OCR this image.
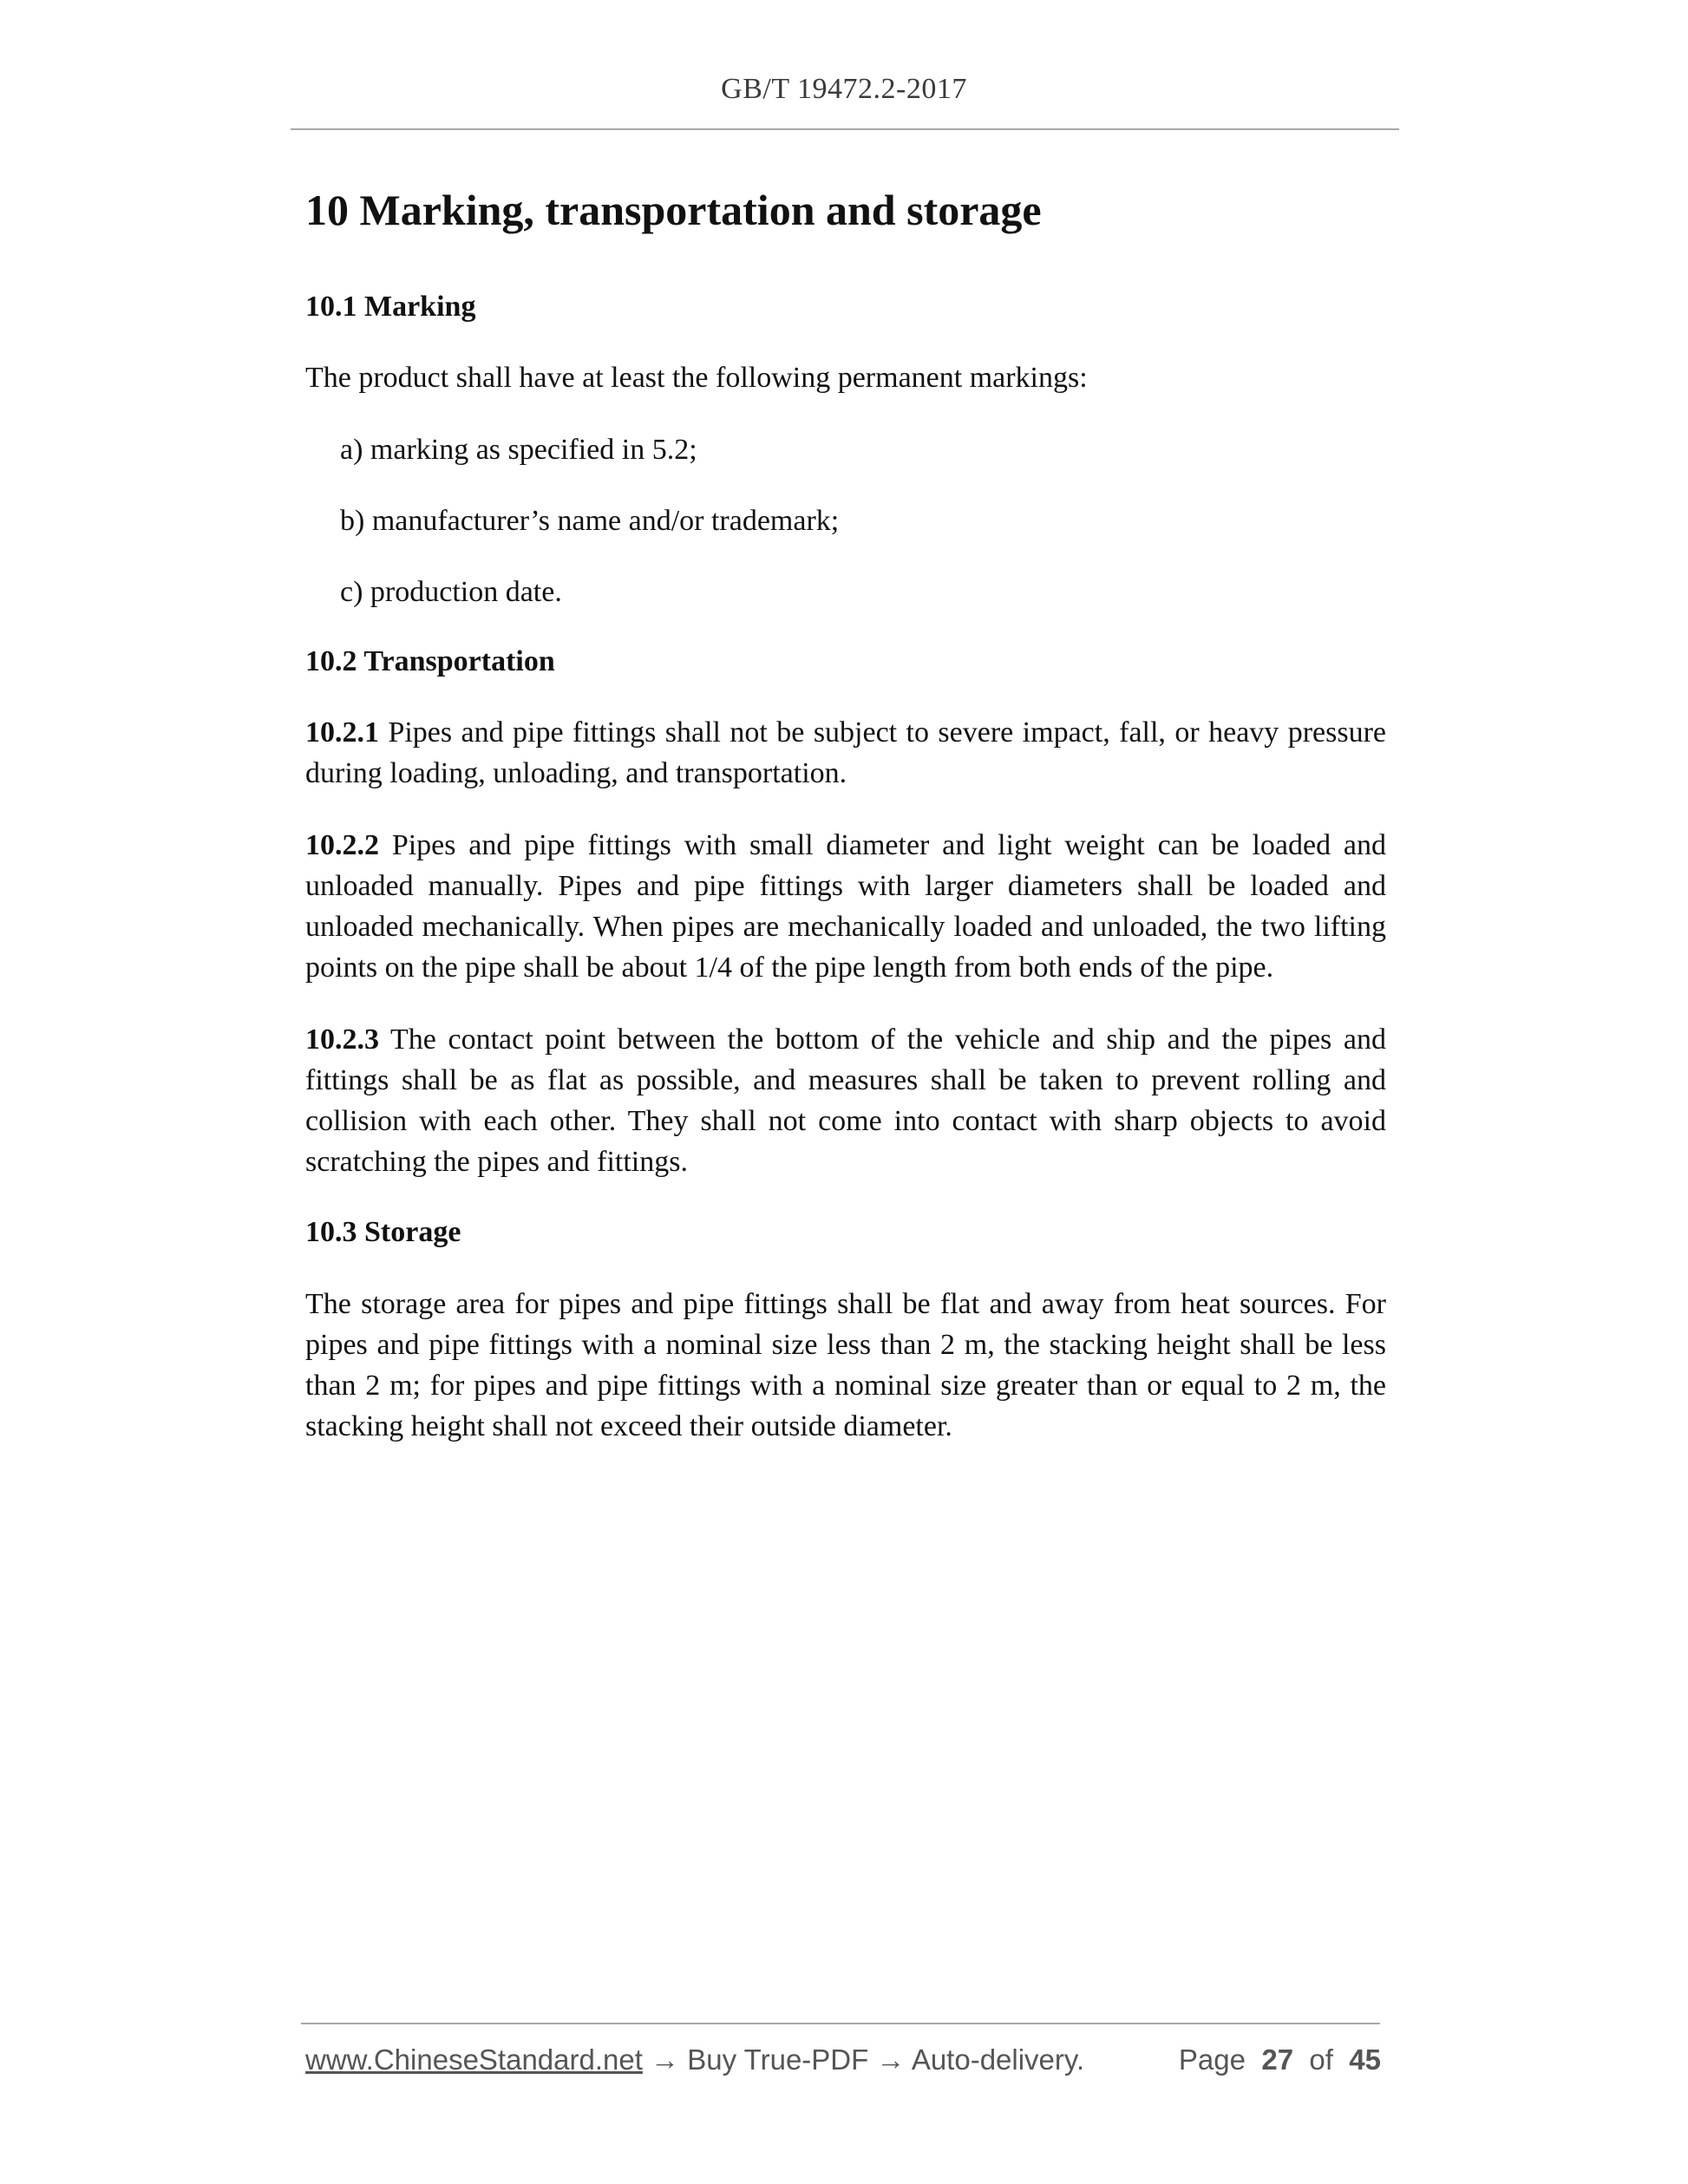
GB/T 19472.2-2017
10 Marking, transportation and storage
10.1 Marking
The product shall have at least the following permanent markings:
a) marking as specified in 5.2;
b) manufacturer’s name and/or trademark;
c) production date.
10.2 Transportation
10.2.1 Pipes and pipe fittings shall not be subject to severe impact, fall, or heavy pressure during loading, unloading, and transportation.
10.2.2 Pipes and pipe fittings with small diameter and light weight can be loaded and unloaded manually. Pipes and pipe fittings with larger diameters shall be loaded and unloaded mechanically. When pipes are mechanically loaded and unloaded, the two lifting points on the pipe shall be about 1/4 of the pipe length from both ends of the pipe.
10.2.3 The contact point between the bottom of the vehicle and ship and the pipes and fittings shall be as flat as possible, and measures shall be taken to prevent rolling and collision with each other. They shall not come into contact with sharp objects to avoid scratching the pipes and fittings.
10.3 Storage
The storage area for pipes and pipe fittings shall be flat and away from heat sources. For pipes and pipe fittings with a nominal size less than 2 m, the stacking height shall be less than 2 m; for pipes and pipe fittings with a nominal size greater than or equal to 2 m, the stacking height shall not exceed their outside diameter.
www.ChineseStandard.net → Buy True-PDF → Auto-delivery.	Page 27 of 45
